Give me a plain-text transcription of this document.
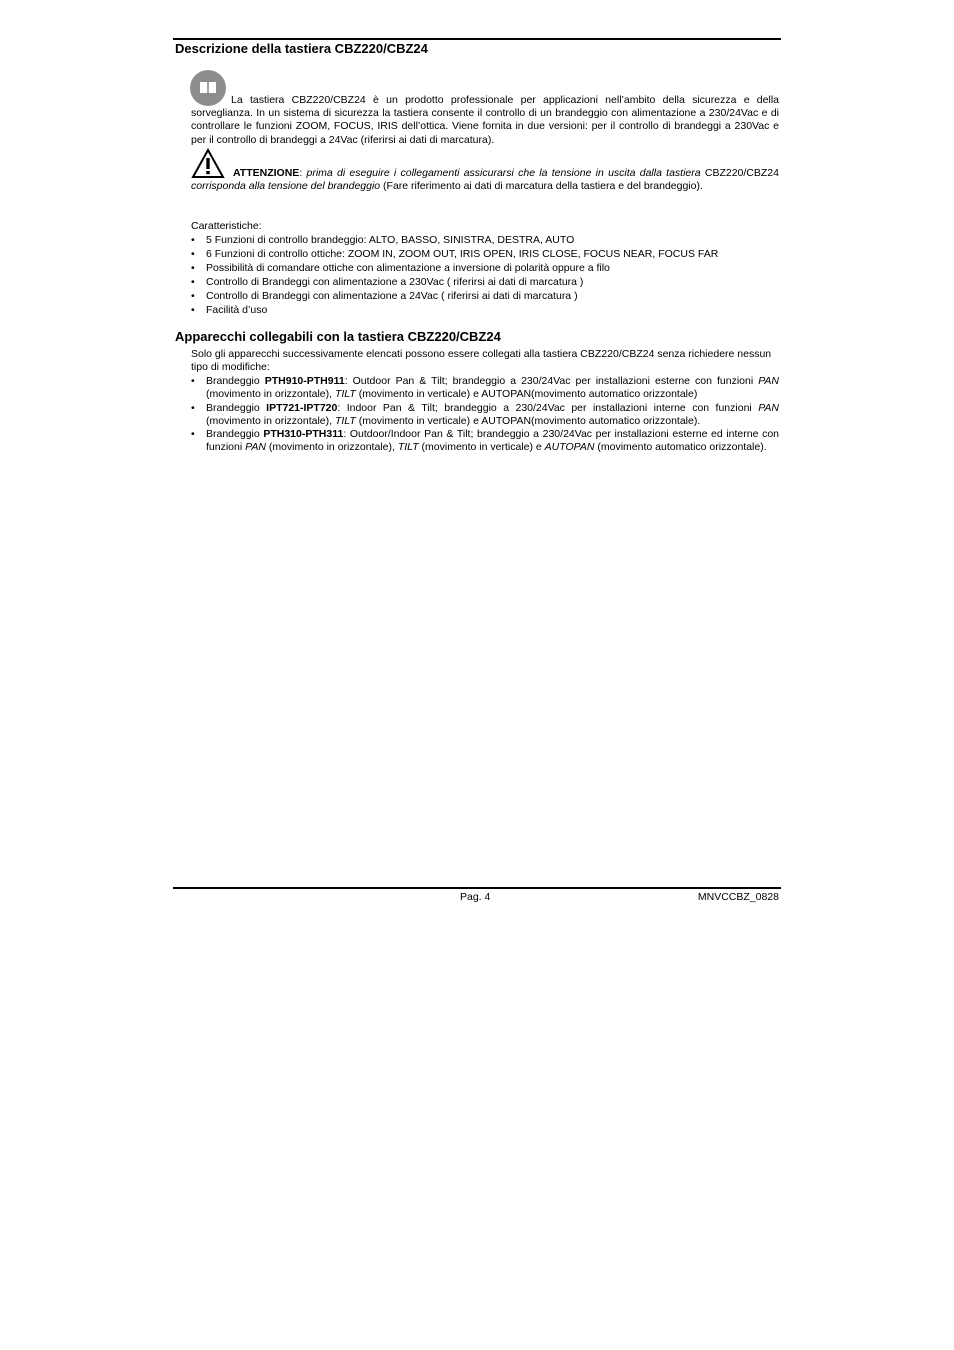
Descrizione della tastiera CBZ220/CBZ24

La tastiera CBZ220/CBZ24 è un prodotto professionale per applicazioni nell’ambito della sicurezza e della sorveglianza. In un sistema di sicurezza la tastiera consente il controllo di un brandeggio con alimentazione a 230/24Vac e di controllare le funzioni ZOOM, FOCUS, IRIS dell’ottica. Viene fornita in due versioni: per il controllo di brandeggi a 230Vac e per il controllo di brandeggi a 24Vac (riferirsi ai dati di marcatura).

ATTENZIONE: prima di eseguire i collegamenti assicurarsi che la tensione in uscita dalla tastiera CBZ220/CBZ24 corrisponda alla tensione del brandeggio (Fare riferimento ai dati di marcatura della tastiera e del brandeggio).

Caratteristiche:

• 5 Funzioni di controllo brandeggio: ALTO, BASSO, SINISTRA, DESTRA, AUTO
• 6 Funzioni di controllo ottiche: ZOOM IN, ZOOM OUT, IRIS OPEN, IRIS CLOSE, FOCUS NEAR, FOCUS FAR
• Possibilità di comandare ottiche con alimentazione a inversione di polarità oppure a filo
• Controllo di Brandeggi con alimentazione a 230Vac ( riferirsi ai dati di marcatura )
• Controllo di Brandeggi con alimentazione a 24Vac ( riferirsi ai dati di marcatura )
• Facilità d’uso
Apparecchi collegabili con la tastiera CBZ220/CBZ24

Solo gli apparecchi successivamente elencati possono essere collegati alla tastiera CBZ220/CBZ24 senza richiedere nessun tipo di modifiche:

• Brandeggio PTH910-PTH911: Outdoor Pan & Tilt; brandeggio a 230/24Vac per installazioni esterne con funzioni PAN (movimento in orizzontale), TILT (movimento in verticale) e AUTOPAN(movimento automatico orizzontale)
• Brandeggio IPT721-IPT720: Indoor Pan & Tilt; brandeggio a 230/24Vac per installazioni interne con funzioni PAN (movimento in orizzontale), TILT (movimento in verticale) e AUTOPAN(movimento automatico orizzontale).
• Brandeggio PTH310-PTH311: Outdoor/Indoor Pan & Tilt; brandeggio a 230/24Vac per installazioni esterne ed interne con funzioni PAN (movimento in orizzontale), TILT (movimento in verticale) e AUTOPAN (movimento automatico orizzontale).
Pag. 4	MNVCCBZ_0828
